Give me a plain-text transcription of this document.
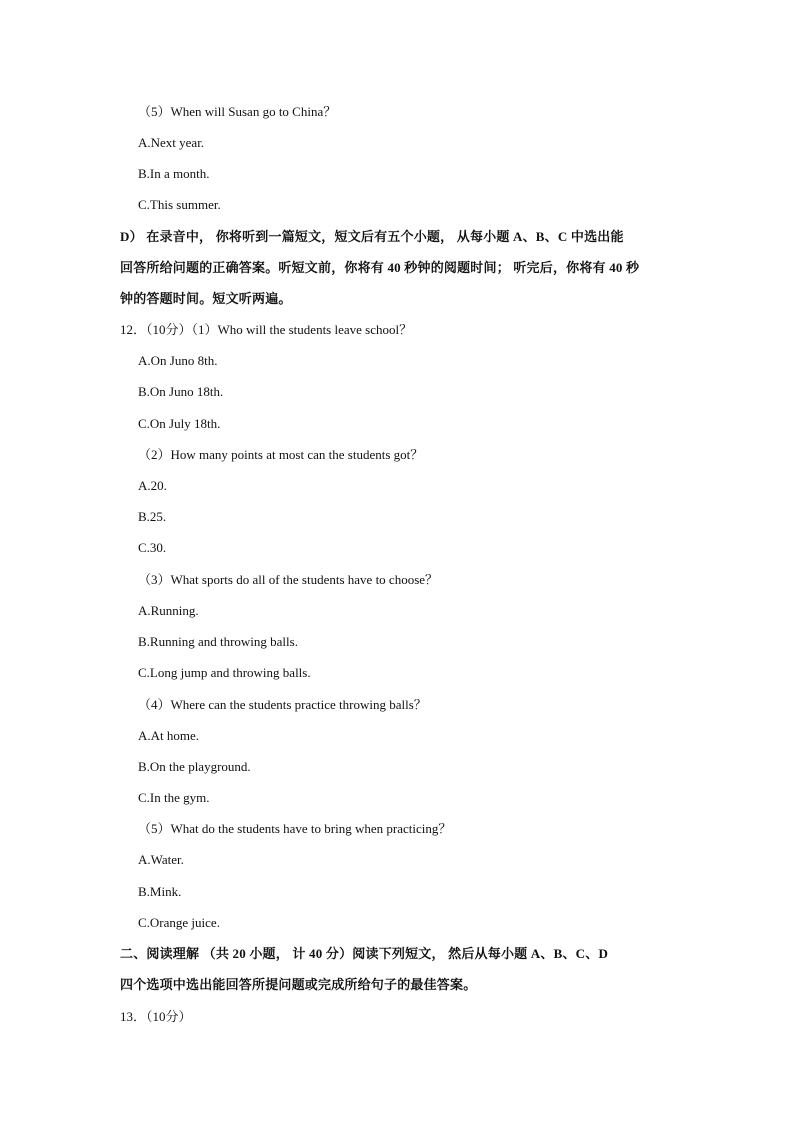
（5）When will Susan go to China？
A.Next year.
B.In a month.
C.This summer.
D） 在录音中， 你将听到一篇短文，短文后有五个小题， 从每小题 A、B、C 中选出能
回答所给问题的正确答案。听短文前，你将有 40 秒钟的阅题时间； 听完后，你将有 40 秒
钟的答题时间。短文听两遍。
12．（10分）（1）Who will the students leave school？
A.On Juno 8th.
B.On Juno 18th.
C.On July 18th.
（2）How many points at most can the students got？
A.20.
B.25.
C.30.
（3）What sports do all of the students have to choose？
A.Running.
B.Running and throwing balls.
C.Long jump and throwing balls.
（4）Where can the students practice throwing balls？
A.At home.
B.On the playground.
C.In the gym.
（5）What do the students have to bring when practicing？
A.Water.
B.Mink.
C.Orange juice.
二、阅读理解 （共 20 小题， 计 40 分）阅读下列短文， 然后从每小题 A、B、C、D
四个选项中选出能回答所提问题或完成所给句子的最佳答案。
13．（10分）
